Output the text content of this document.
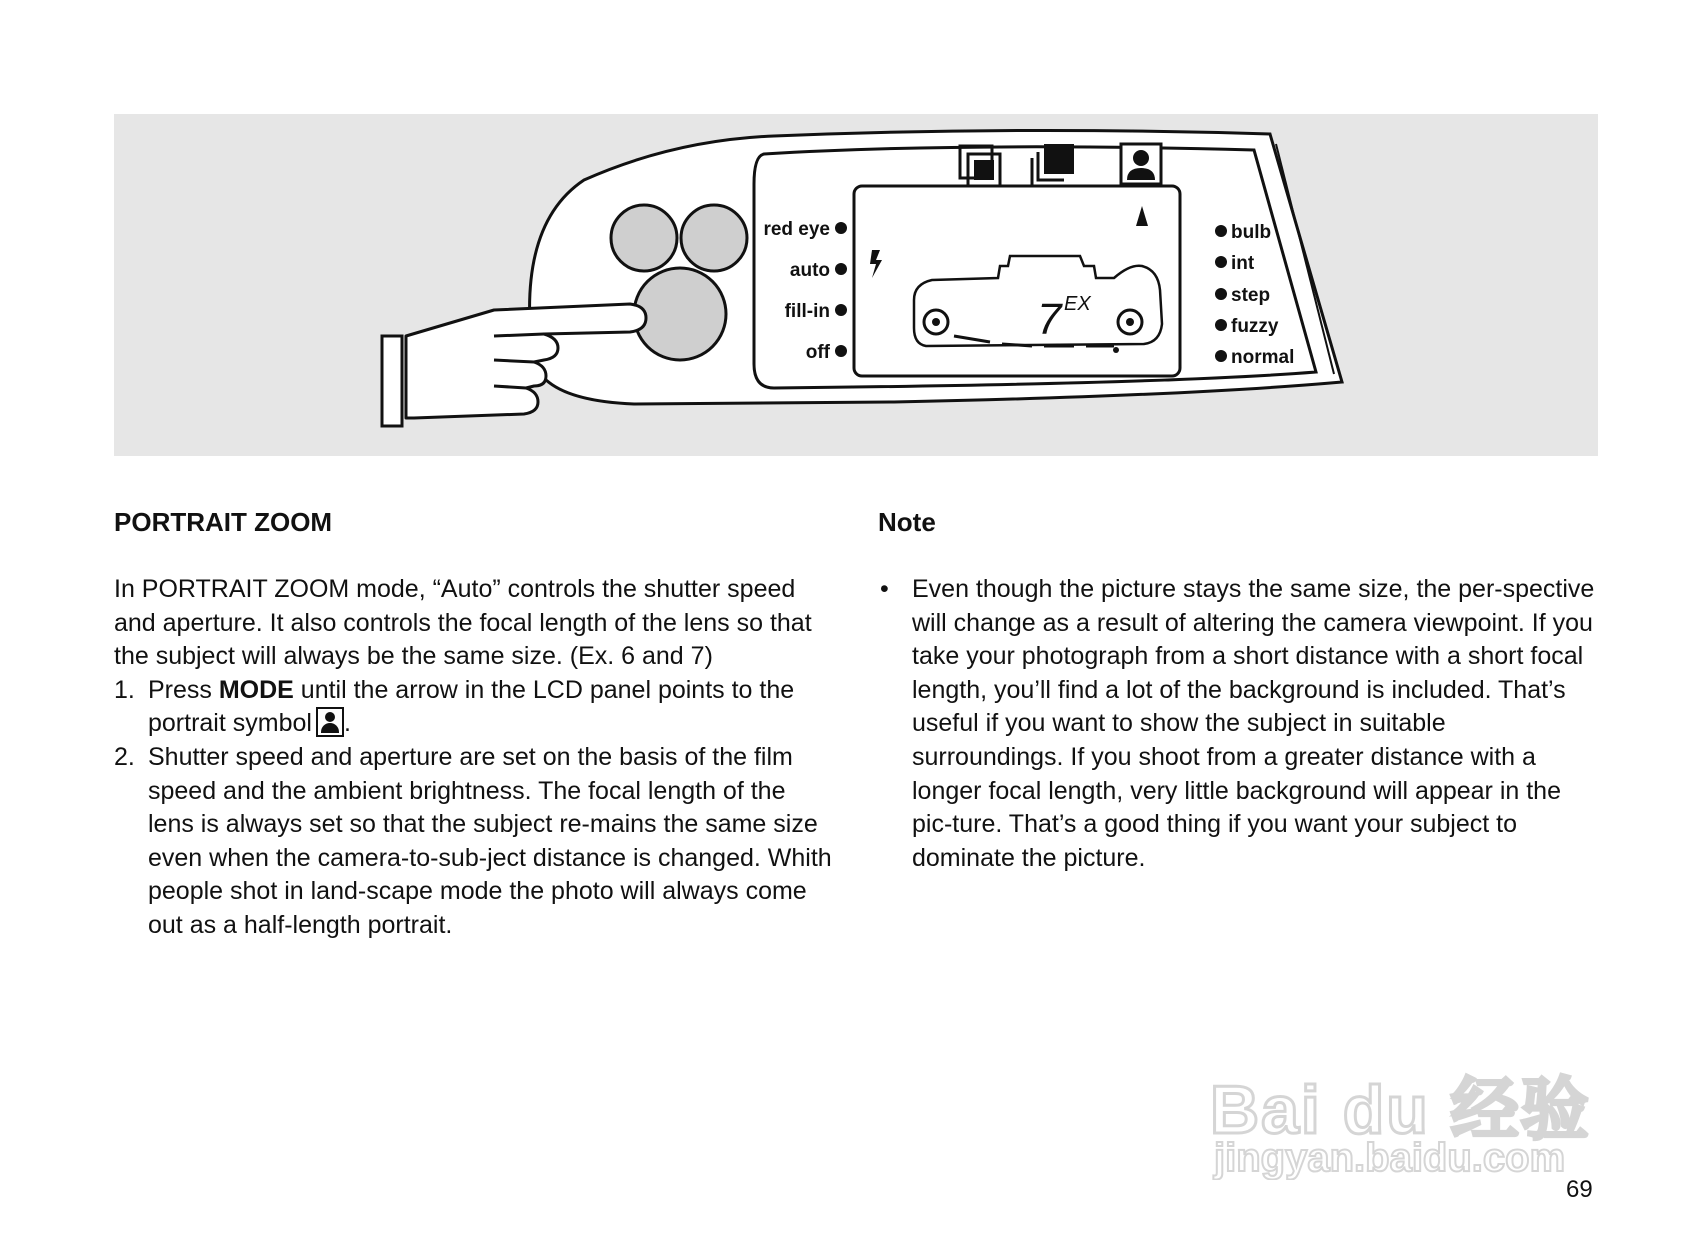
7 EX
red eye
auto
fill-in
off
bulb
int
step
fuzzy
normal
PORTRAIT ZOOM

In PORTRAIT ZOOM mode, “Auto” controls the shutter speed and aperture. It also controls the focal length of the lens so that the subject will always be the same size. (Ex. 6 and 7)

1. Press MODE until the arrow in the LCD panel points to the portrait symbol .
2. Shutter speed and aperture are set on the basis of the film speed and the ambient brightness. The focal length of the lens is always set so that the subject re-mains the same size even when the camera-to-sub-ject distance is changed. Whith people shot in land-scape mode the photo will always come out as a half-length portrait.
Note
• Even though the picture stays the same size, the per-spective will change as a result of altering the camera viewpoint. If you take your photograph from a short distance with a short focal length, you’ll find a lot of the background is included. That’s useful if you want to show the subject in suitable surroundings. If you shoot from a greater distance with a longer focal length, very little background will appear in the pic-ture. That’s a good thing if you want your subject to dominate the picture.
Bai du 经验
jingyan.baidu.com
69
